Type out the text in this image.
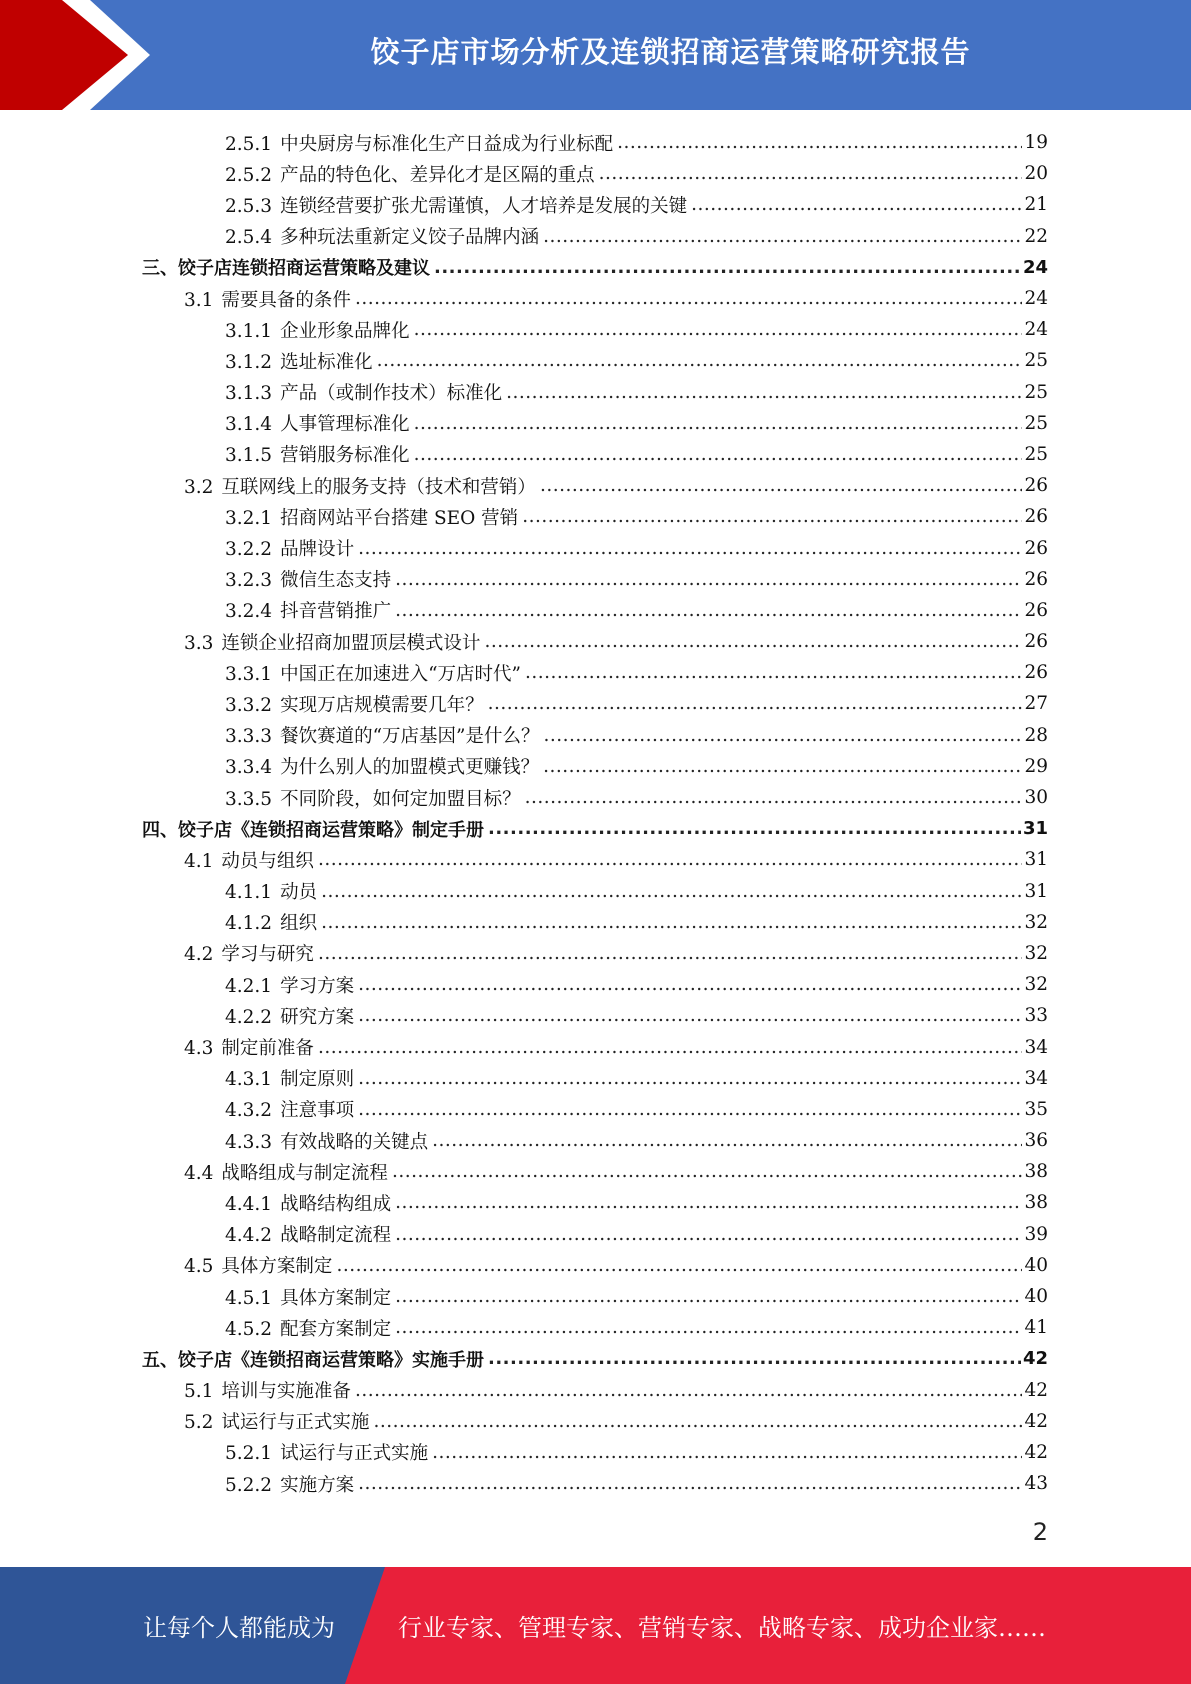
饺子店市场分析及连锁招商运营策略研究报告
2.5.1 中央厨房与标准化生产日益成为行业标配 .....	19
2.5.2 产品的特色化、差异化才是区隔的重点 .....	20
2.5.3 连锁经营要扩张尤需谨慎，人才培养是发展的关键 .....	21
2.5.4 多种玩法重新定义饺子品牌内涵 .....	22
三、饺子店连锁招商运营策略及建议 .....	24
3.1 需要具备的条件 .....	24
3.1.1 企业形象品牌化 .....	24
3.1.2 选址标准化 .....	25
3.1.3 产品（或制作技术）标准化 .....	25
3.1.4 人事管理标准化 .....	25
3.1.5 营销服务标准化 .....	25
3.2 互联网线上的服务支持（技术和营销） .....	26
3.2.1 招商网站平台搭建 SEO 营销 .....	26
3.2.2 品牌设计 .....	26
3.2.3 微信生态支持 .....	26
3.2.4 抖音营销推广 .....	26
3.3 连锁企业招商加盟顶层模式设计 .....	26
3.3.1 中国正在加速进入“万店时代” .....	26
3.3.2 实现万店规模需要几年？ .....	27
3.3.3 餐饮赛道的“万店基因”是什么？ .....	28
3.3.4 为什么别人的加盟模式更赚钱？ .....	29
3.3.5 不同阶段，如何定加盟目标？ .....	30
四、饺子店《连锁招商运营策略》制定手册 .....	31
4.1 动员与组织 .....	31
4.1.1 动员 .....	31
4.1.2 组织 .....	32
4.2 学习与研究 .....	32
4.2.1 学习方案 .....	32
4.2.2 研究方案 .....	33
4.3 制定前准备 .....	34
4.3.1 制定原则 .....	34
4.3.2 注意事项 .....	35
4.3.3 有效战略的关键点 .....	36
4.4 战略组成与制定流程 .....	38
4.4.1 战略结构组成 .....	38
4.4.2 战略制定流程 .....	39
4.5 具体方案制定 .....	40
4.5.1 具体方案制定 .....	40
4.5.2 配套方案制定 .....	41
五、饺子店《连锁招商运营策略》实施手册 .....	42
5.1 培训与实施准备 .....	42
5.2 试运行与正式实施 .....	42
5.2.1 试运行与正式实施 .....	42
5.2.2 实施方案 .....	43
2
让每个人都能成为	行业专家、管理专家、营销专家、战略专家、成功企业家……
